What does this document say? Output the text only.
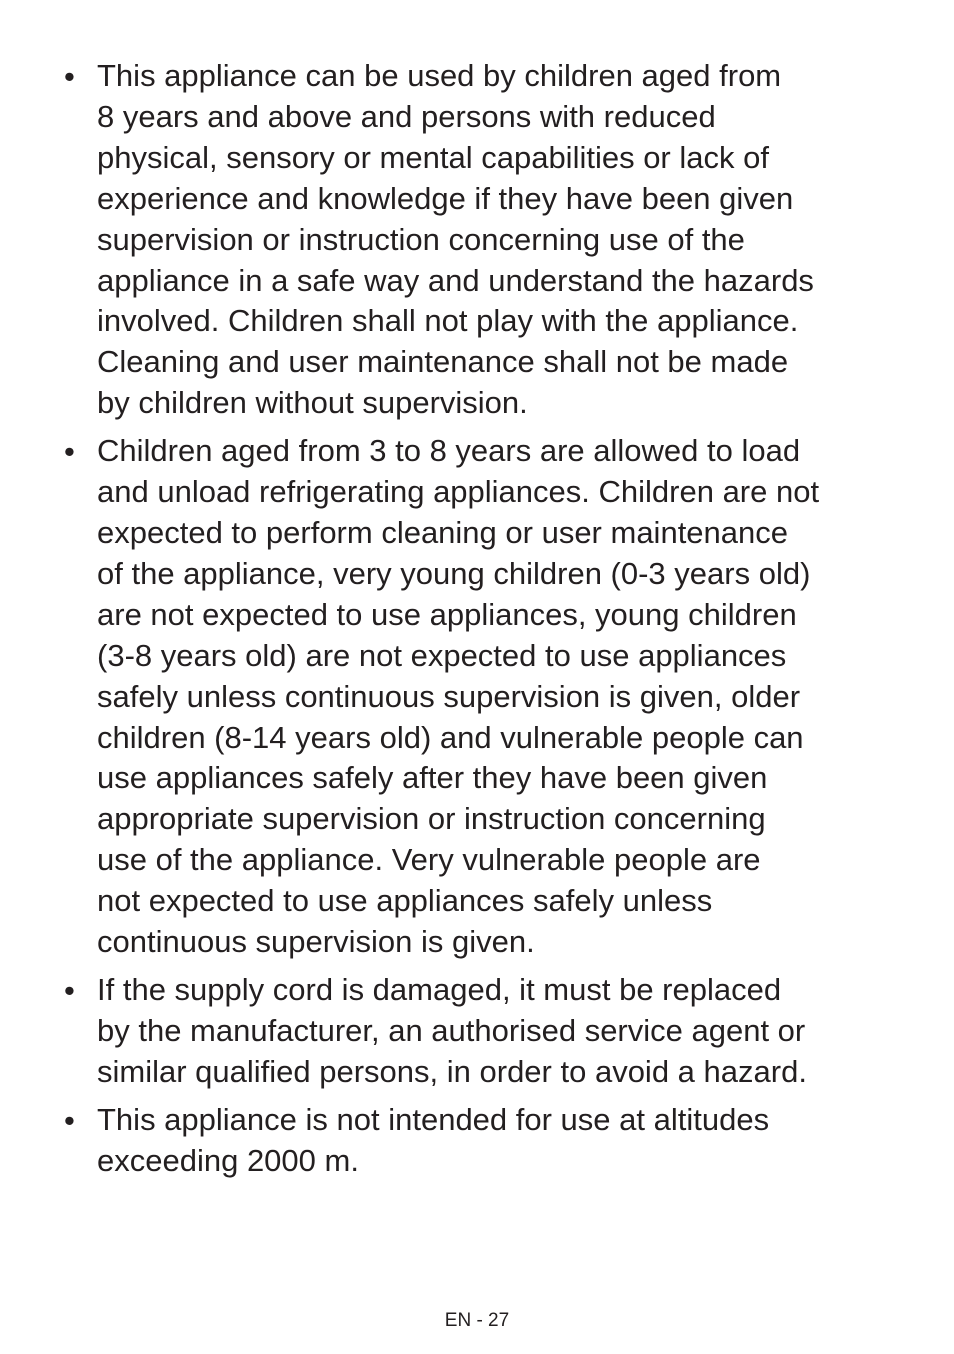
• This appliance can be used by children aged from
8 years and above and persons with reduced
physical, sensory or mental capabilities or lack of
experience and knowledge if they have been given
supervision or instruction concerning use of the
appliance in a safe way and understand the hazards
involved. Children shall not play with the appliance.
Cleaning and user maintenance shall not be made
by children without supervision.
• Children aged from 3 to 8 years are allowed to load
and unload refrigerating appliances. Children are not
expected to perform cleaning or user maintenance
of the appliance, very young children (0-3 years old)
are not expected to use appliances, young children
(3-8 years old) are not expected to use appliances
safely unless continuous supervision is given, older
children (8-14 years old) and vulnerable people can
use appliances safely after they have been given
appropriate supervision or instruction concerning
use of the appliance. Very vulnerable people are
not expected to use appliances safely unless
continuous supervision is given.
• If the supply cord is damaged, it must be replaced
by the manufacturer, an authorised service agent or
similar qualified persons, in order to avoid a hazard.
• This appliance is not intended for use at altitudes
exceeding 2000 m.
EN - 27
